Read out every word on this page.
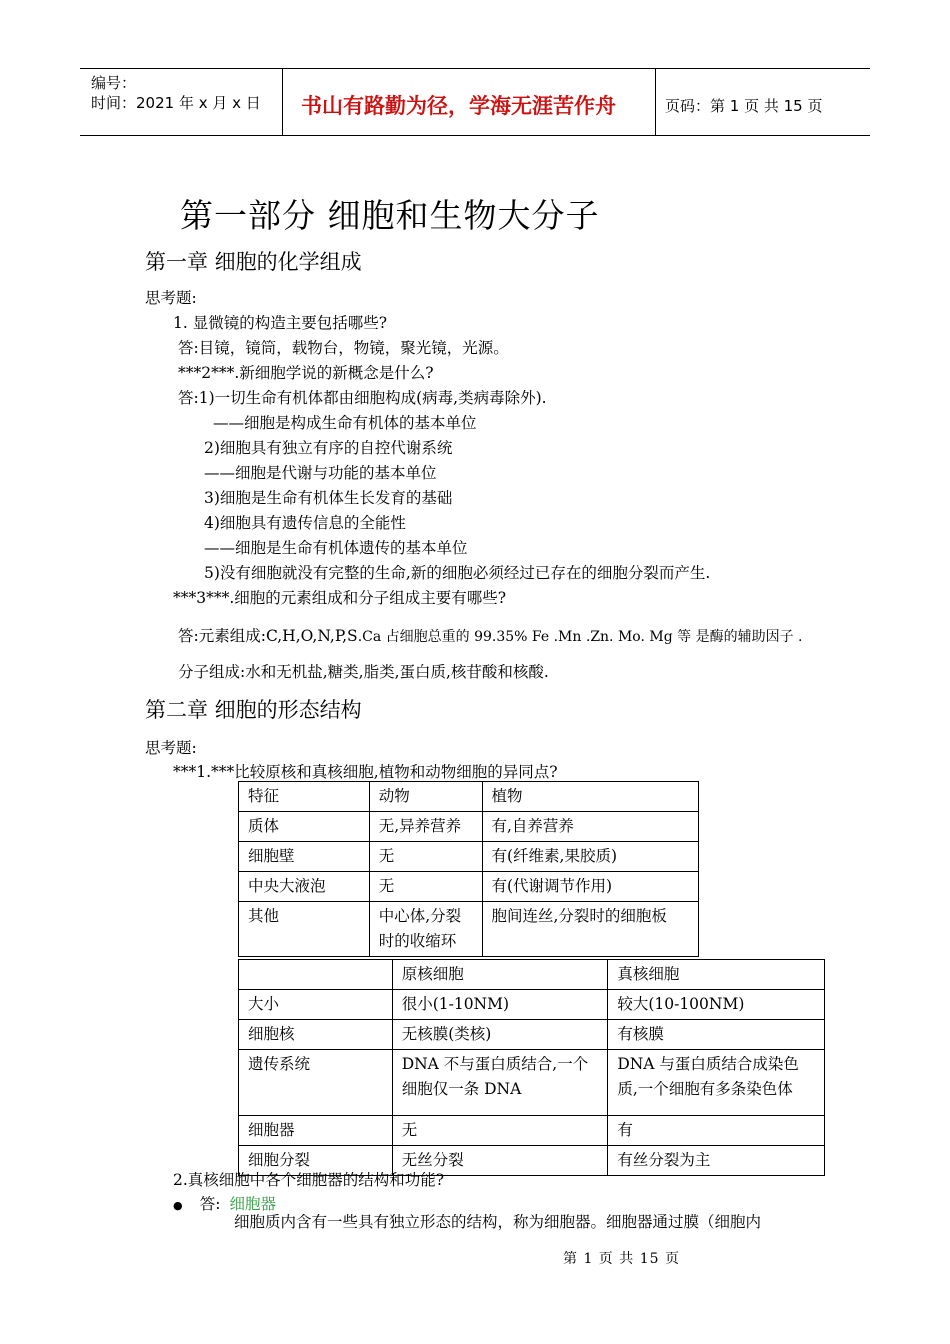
编号：
时间：2021 年 x 月 x 日 书山有路勤为径，学海无涯苦作舟	页码：第 1 页 共 15 页
第一部分 细胞和生物大分子
第一章 细胞的化学组成
思考题:
1. 显微镜的构造主要包括哪些?
答:目镜，镜筒，载物台，物镜，聚光镜，光源。
***2***.新细胞学说的新概念是什么?
答:1)一切生命有机体都由细胞构成(病毒,类病毒除外).
——细胞是构成生命有机体的基本单位
2)细胞具有独立有序的自控代谢系统
——细胞是代谢与功能的基本单位
3)细胞是生命有机体生长发育的基础
4)细胞具有遗传信息的全能性
——细胞是生命有机体遗传的基本单位
5)没有细胞就没有完整的生命,新的细胞必须经过已存在的细胞分裂而产生.
***3***.细胞的元素组成和分子组成主要有哪些?
答:元素组成:C,H,O,N,P,S.Ca 占细胞总重的 99.35% Fe .Mn .Zn. Mo. Mg 等 是酶的辅助因子 .
分子组成:水和无机盐,糖类,脂类,蛋白质,核苷酸和核酸.
第二章 细胞的形态结构
思考题:
***1.***比较原核和真核细胞,植物和动物细胞的异同点?
特征	动物	植物
质体	无,异养营养	有,自养营养
细胞壁	无	有(纤维素,果胶质)
中央大液泡	无	有(代谢调节作用)
其他	中心体,分裂时的收缩环	胞间连丝,分裂时的细胞板
	原核细胞	真核细胞
大小	很小(1-10NM)	较大(10-100NM)
细胞核	无核膜(类核)	有核膜
遗传系统	DNA 不与蛋白质结合,一个细胞仅一条 DNA	DNA 与蛋白质结合成染色质,一个细胞有多条染色体
细胞器	无	有
细胞分裂	无丝分裂	有丝分裂为主
2.真核细胞中各个细胞器的结构和功能?
● 答: 细胞器
细胞质内含有一些具有独立形态的结构，称为细胞器。细胞器通过膜（细胞内
第 1 页 共 15 页
